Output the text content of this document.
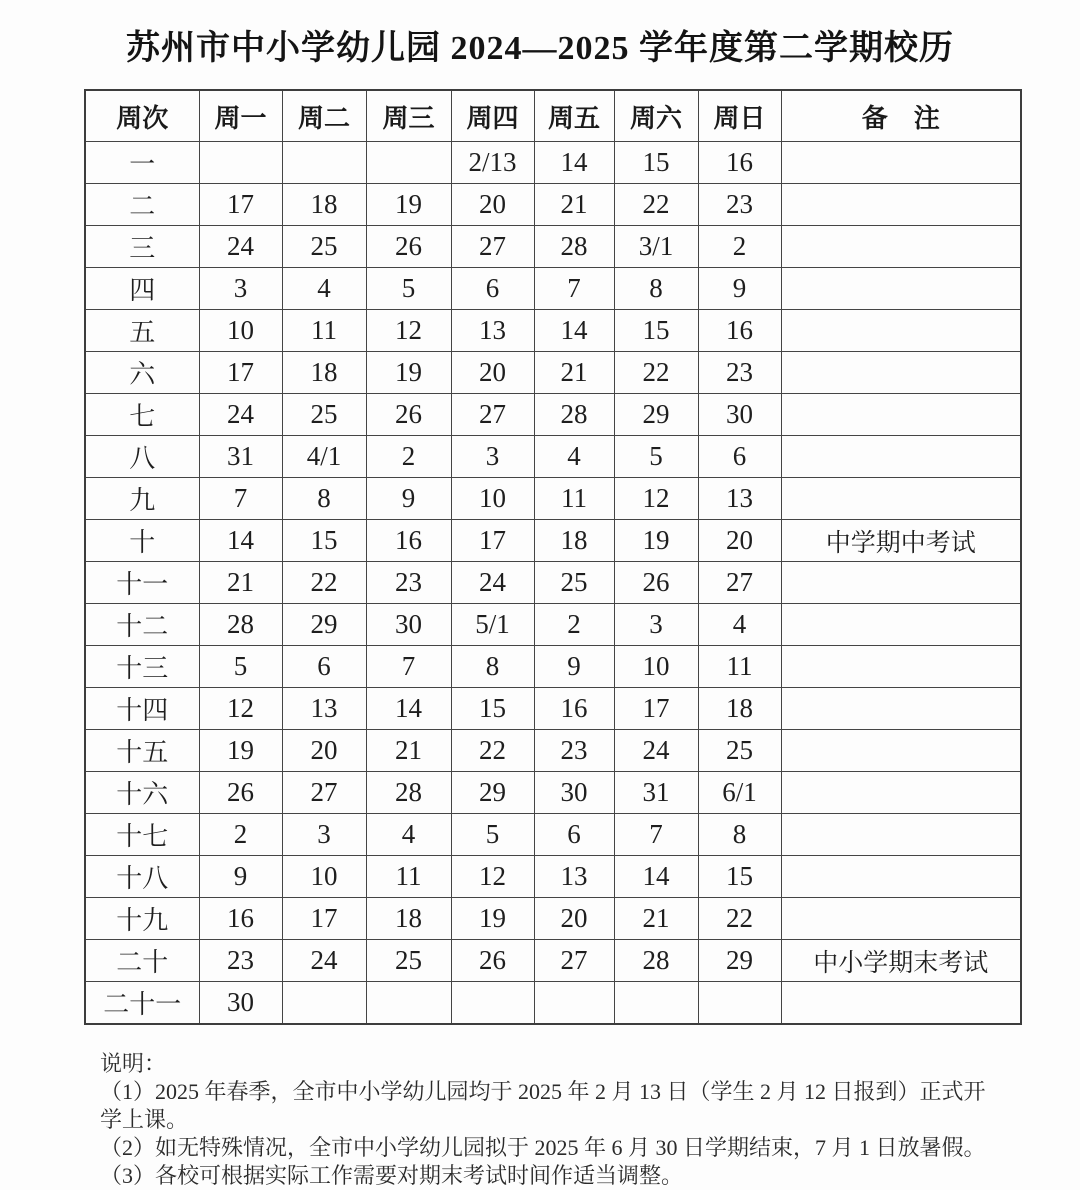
苏州市中小学幼儿园 2024—2025 学年度第二学期校历
周次	周一	周二	周三	周四	周五	周六	周日	备　注
一				2/13	14	15	16	
二	17	18	19	20	21	22	23	
三	24	25	26	27	28	3/1	2	
四	3	4	5	6	7	8	9	
五	10	11	12	13	14	15	16	
六	17	18	19	20	21	22	23	
七	24	25	26	27	28	29	30	
八	31	4/1	2	3	4	5	6	
九	7	8	9	10	11	12	13	
十	14	15	16	17	18	19	20	中学期中考试
十一	21	22	23	24	25	26	27	
十二	28	29	30	5/1	2	3	4	
十三	5	6	7	8	9	10	11	
十四	12	13	14	15	16	17	18	
十五	19	20	21	22	23	24	25	
十六	26	27	28	29	30	31	6/1	
十七	2	3	4	5	6	7	8	
十八	9	10	11	12	13	14	15	
十九	16	17	18	19	20	21	22	
二十	23	24	25	26	27	28	29	中小学期末考试
二十一	30							

说明：

（1）2025 年春季，全市中小学幼儿园均于 2025 年 2 月 13 日（学生 2 月 12 日报到）正式开学上课。

（2）如无特殊情况，全市中小学幼儿园拟于 2025 年 6 月 30 日学期结束，7 月 1 日放暑假。

（3）各校可根据实际工作需要对期末考试时间作适当调整。
